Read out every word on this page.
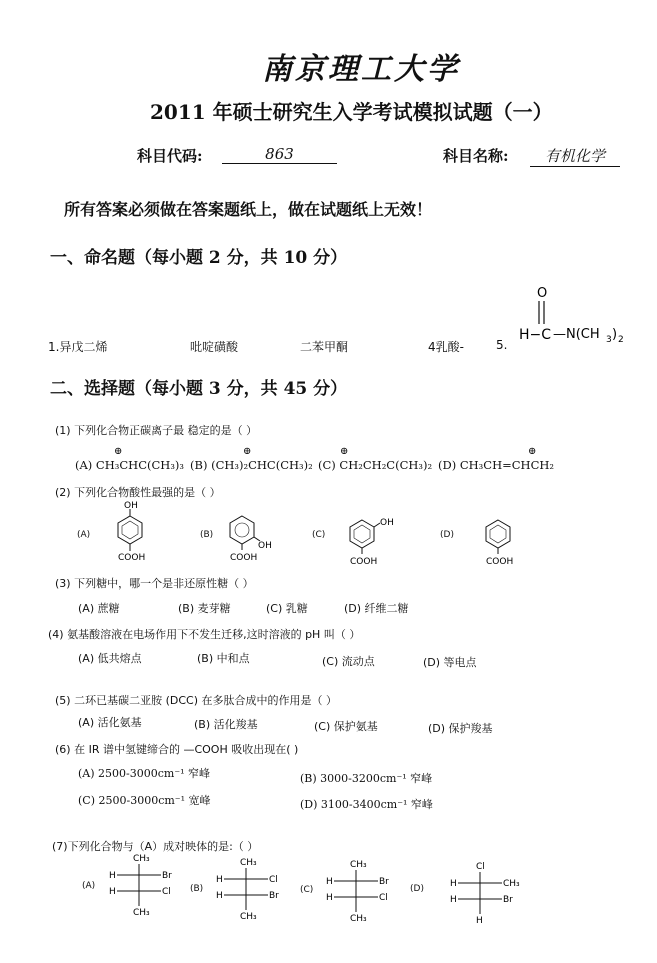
南京理工大学
2011 年硕士研究生入学考试模拟试题（一）
科目代码:	863	科目名称:	有机化学
所有答案必须做在答案题纸上，做在试题纸上无效！
一、命名题（每小题 2 分，共 10 分）
1.异戊二烯	吡啶磺酸	二苯甲酮	4乳酸-	5.
O
H−C —N(CH 3 ) 2
二、选择题（每小题 3 分，共 45 分）
(1) 下列化合物正碳离子最 稳定的是（ ）
(A) CH₃CHC(CH₃)₃ (B) (CH₃)₂CHC(CH₃)₂ (C) CH₂CH₂C(CH₃)₂ (D) CH₃CH=CHCH₂
⊕	⊕	⊕	⊕
(2) 下列化合物酸性最强的是（ ）
(A)	(B)	(C)	(D)
OH
COOH
OH
COOH
OH
COOH	COOH
(3) 下列糖中，哪一个是非还原性糖（ ）
(A) 蔗糖	(B) 麦芽糖	(C) 乳糖	(D) 纤维二糖
(4) 氨基酸溶液在电场作用下不发生迁移,这时溶液的 pH 叫（ ）
(A) 低共熔点	(B) 中和点	(C) 流动点	(D) 等电点
(5) 二环已基碳二亚胺 (DCC) 在多肽合成中的作用是（ ）
(A) 活化氨基	(B) 活化羧基	(C) 保护氨基	(D) 保护羧基
(6) 在 IR 谱中氢键缔合的 —COOH 吸收出现在( )
(A) 2500-3000cm⁻¹ 窄峰	(B) 3000-3200cm⁻¹ 窄峰
(C) 2500-3000cm⁻¹ 宽峰	(D) 3100-3400cm⁻¹ 窄峰
(7)下列化合物与（A）成对映体的是:（ ）
(A)	(B)	(C)	(D)
CH₃
H	Br
H	Cl
CH₃
CH₃
H	Cl
H	Br
CH₃
CH₃
H	Br
H	Cl
CH₃
Cl
H	CH₃
H	Br
H
